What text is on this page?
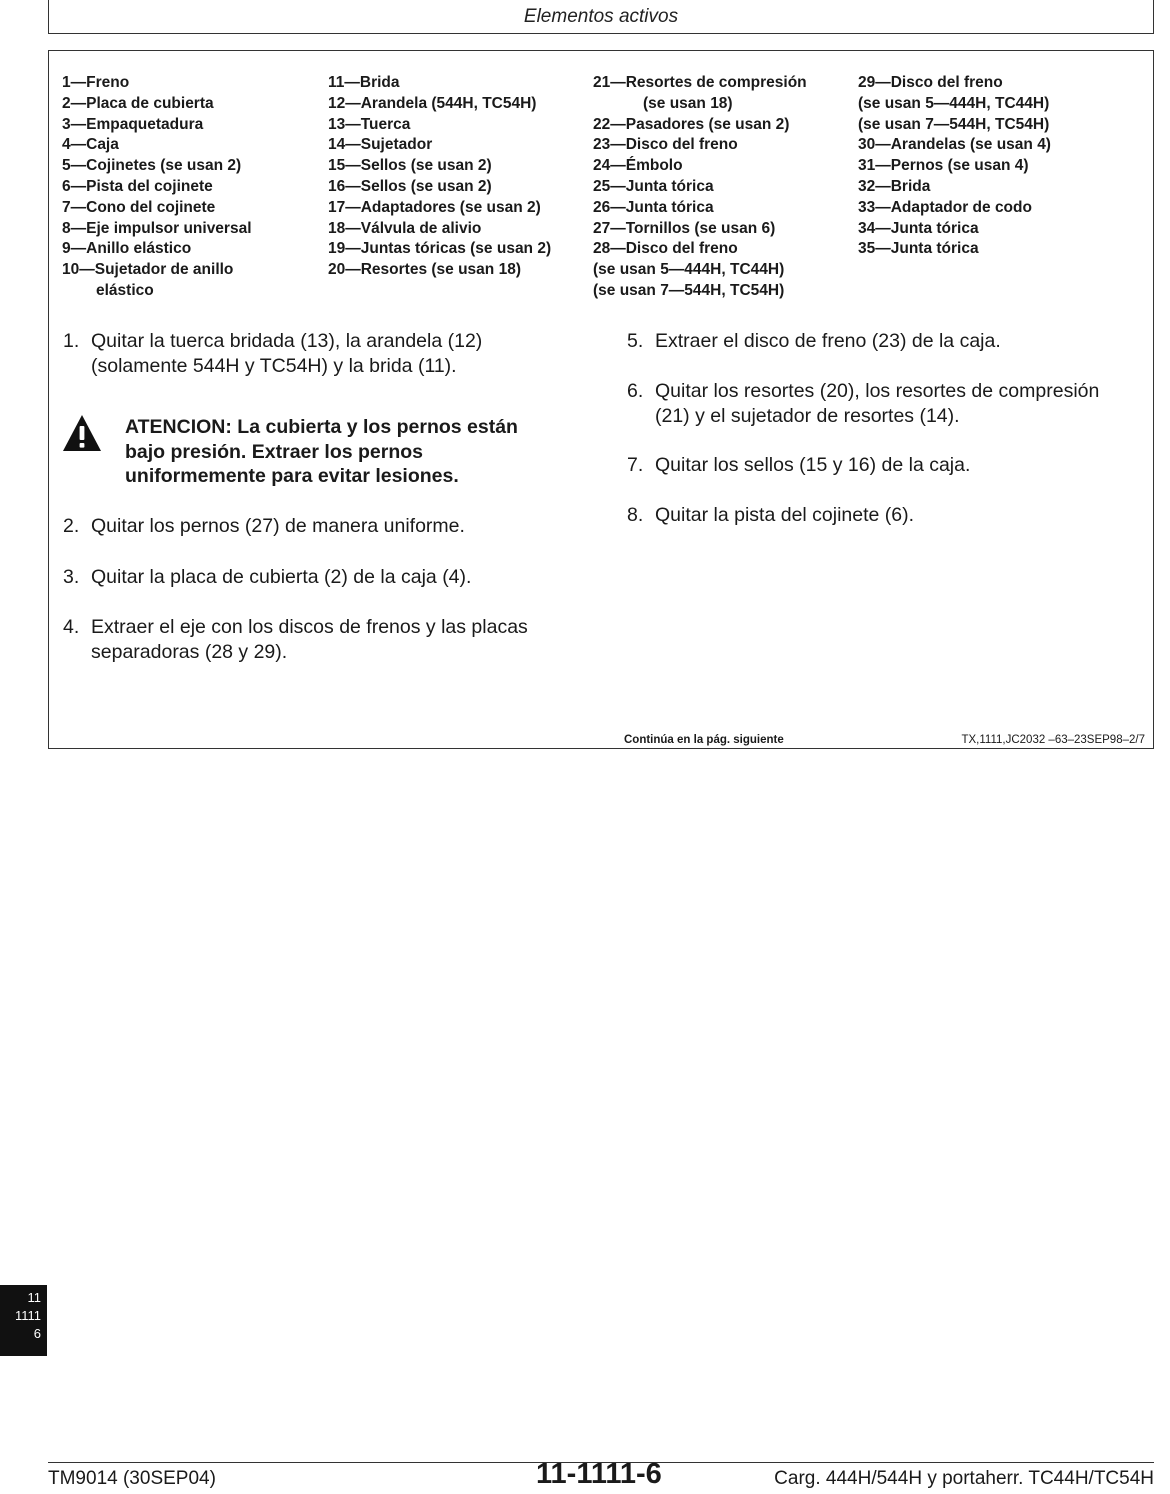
Elementos activos
1—Freno
2—Placa de cubierta
3—Empaquetadura
4—Caja
5—Cojinetes (se usan 2)
6—Pista del cojinete
7—Cono del cojinete
8—Eje impulsor universal
9—Anillo elástico
10—Sujetador de anillo
elástico
11—Brida
12—Arandela (544H, TC54H)
13—Tuerca
14—Sujetador
15—Sellos (se usan 2)
16—Sellos (se usan 2)
17—Adaptadores (se usan 2)
18—Válvula de alivio
19—Juntas tóricas (se usan 2)
20—Resortes (se usan 18)
21—Resortes de compresión
(se usan 18)
22—Pasadores (se usan 2)
23—Disco del freno
24—Émbolo
25—Junta tórica
26—Junta tórica
27—Tornillos (se usan 6)
28—Disco del freno
(se usan 5—444H, TC44H)
(se usan 7—544H, TC54H)
29—Disco del freno
(se usan 5—444H, TC44H)
(se usan 7—544H, TC54H)
30—Arandelas (se usan 4)
31—Pernos (se usan 4)
32—Brida
33—Adaptador de codo
34—Junta tórica
35—Junta tórica
1. Quitar la tuerca bridada (13), la arandela (12)
(solamente 544H y TC54H) y la brida (11).
ATENCION: La cubierta y los pernos están
bajo presión. Extraer los pernos
uniformemente para evitar lesiones.
2. Quitar los pernos (27) de manera uniforme.
3. Quitar la placa de cubierta (2) de la caja (4).
4. Extraer el eje con los discos de frenos y las placas
separadoras (28 y 29).
5. Extraer el disco de freno (23) de la caja.
6. Quitar los resortes (20), los resortes de compresión
(21) y el sujetador de resortes (14).
7. Quitar los sellos (15 y 16) de la caja.
8. Quitar la pista del cojinete (6).
Continúa en la pág. siguiente	TX,1111,JC2032 –63–23SEP98–2/7
11
1111
6
TM9014 (30SEP04)	11-1111-6	Carg. 444H/544H y portaherr. TC44H/TC54H
